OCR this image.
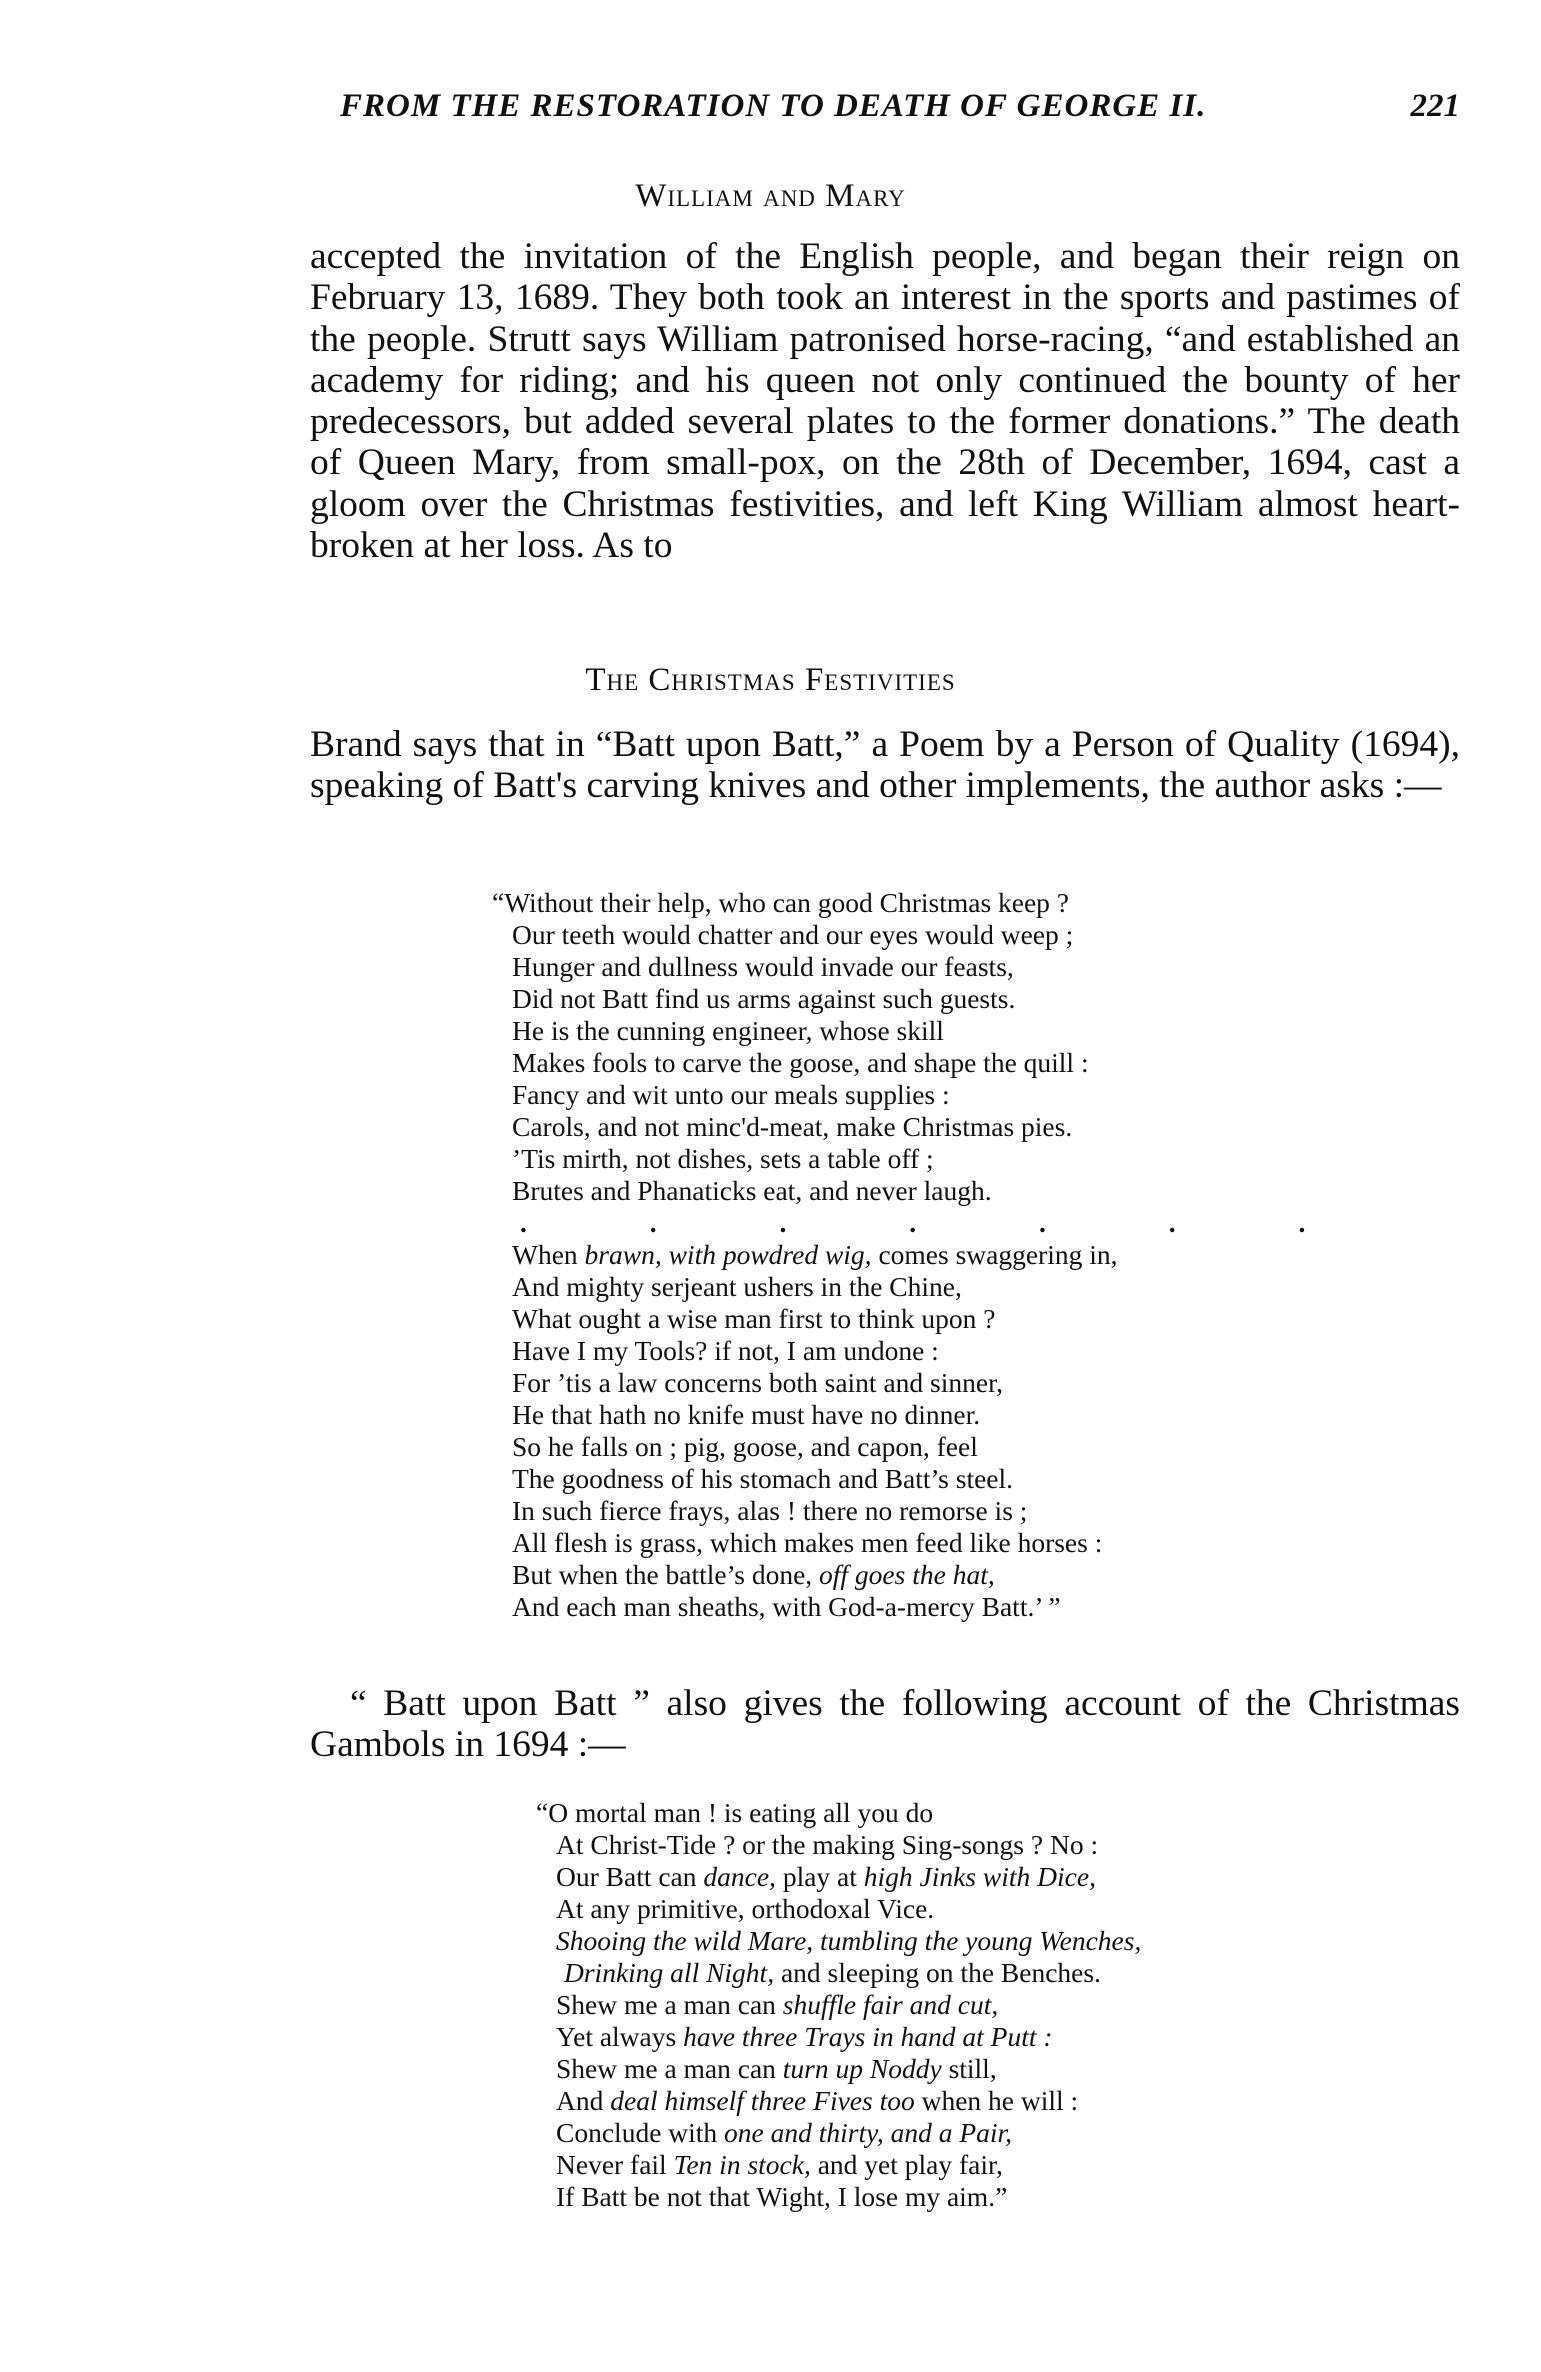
FROM THE RESTORATION TO DEATH OF GEORGE II.	221
William and Mary

accepted the invitation of the English people, and began their reign on February 13, 1689. They both took an interest in the sports and pastimes of the people. Strutt says William patronised horse-racing, “and established an academy for riding; and his queen not only continued the bounty of her predecessors, but added several plates to the former donations.” The death of Queen Mary, from small-pox, on the 28th of December, 1694, cast a gloom over the Christmas festivities, and left King William almost heart-broken at her loss. As to

The Christmas Festivities

Brand says that in “Batt upon Batt,” a Poem by a Person of Quality (1694), speaking of Batt's carving knives and other implements, the author asks :—

“Without their help, who can good Christmas keep ?
Our teeth would chatter and our eyes would weep ;
Hunger and dullness would invade our feasts,
Did not Batt find us arms against such guests.
He is the cunning engineer, whose skill
Makes fools to carve the goose, and shape the quill :
Fancy and wit unto our meals supplies :
Carols, and not minc'd-meat, make Christmas pies.
’Tis mirth, not dishes, sets a table off ;
Brutes and Phanaticks eat, and never laugh.
. . . . . . .
When brawn, with powdred wig, comes swaggering in,
And mighty serjeant ushers in the Chine,
What ought a wise man first to think upon ?
Have I my Tools? if not, I am undone :
For ’tis a law concerns both saint and sinner,
He that hath no knife must have no dinner.
So he falls on ; pig, goose, and capon, feel
The goodness of his stomach and Batt’s steel.
In such fierce frays, alas ! there no remorse is ;
All flesh is grass, which makes men feed like horses :
But when the battle’s done, off goes the hat,
And each man sheaths, with God-a-mercy Batt.’ ”

“ Batt upon Batt ” also gives the following account of the Christmas Gambols in 1694 :—

“O mortal man ! is eating all you do
At Christ-Tide ? or the making Sing-songs ? No :
Our Batt can dance, play at high Jinks with Dice,
At any primitive, orthodoxal Vice.
Shooing the wild Mare, tumbling the young Wenches,
Drinking all Night, and sleeping on the Benches.
Shew me a man can shuffle fair and cut,
Yet always have three Trays in hand at Putt :
Shew me a man can turn up Noddy still,
And deal himself three Fives too when he will :
Conclude with one and thirty, and a Pair,
Never fail Ten in stock, and yet play fair,
If Batt be not that Wight, I lose my aim.”
